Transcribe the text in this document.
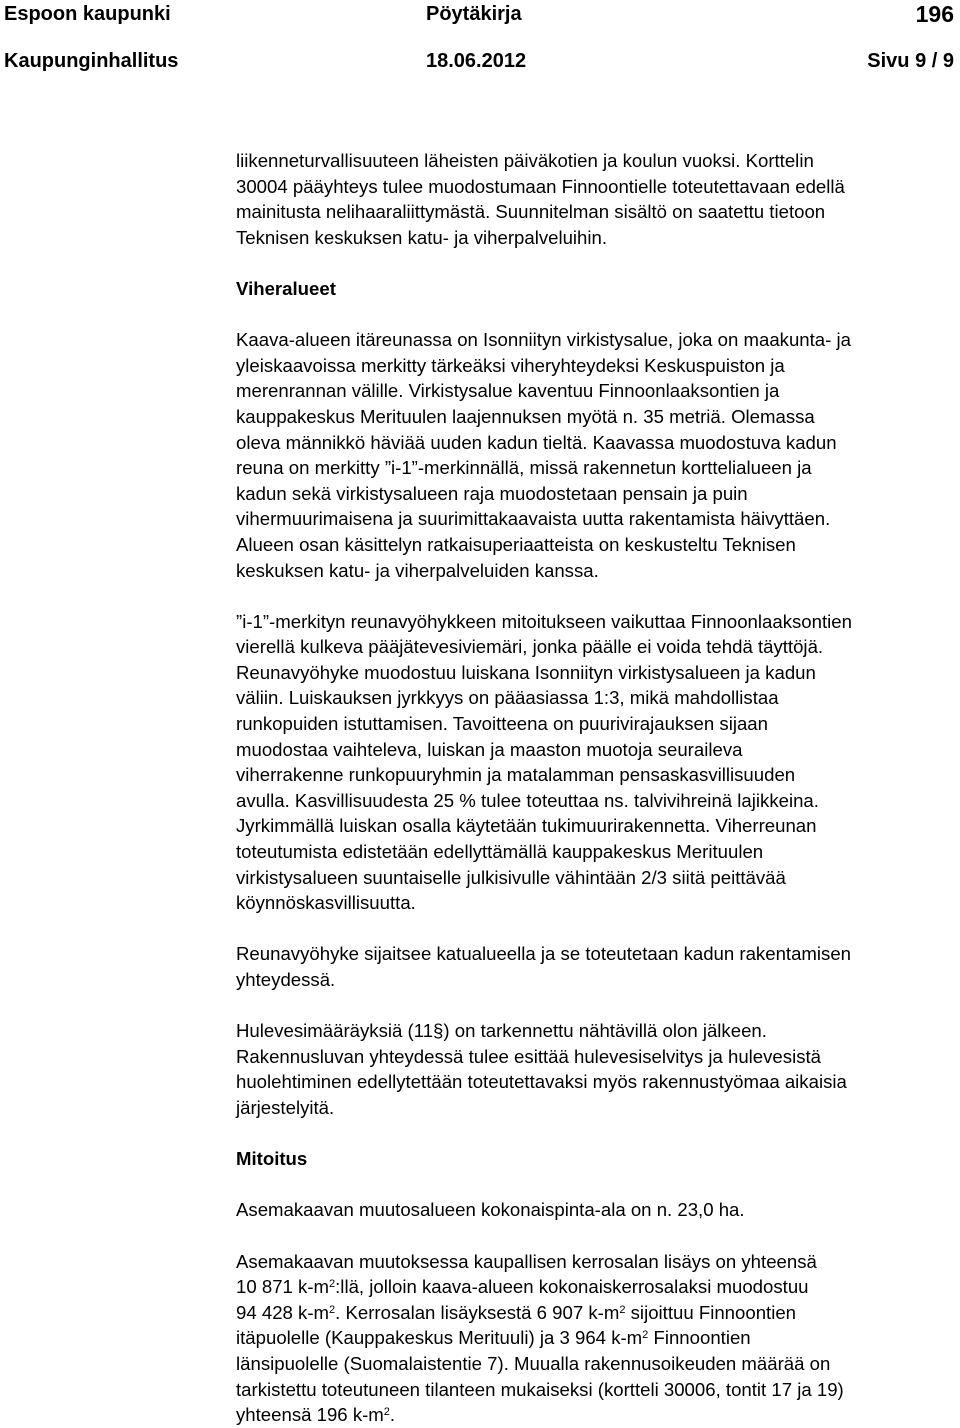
Espoon kaupunki	Pöytäkirja	196
Kaupunginhallitus	18.06.2012	Sivu 9 / 9

liikenneturvallisuuteen läheisten päiväkotien ja koulun vuoksi. Korttelin

30004 pääyhteys tulee muodostumaan Finnoontielle toteutettavaan edellä

mainitusta nelihaaraliittymästä. Suunnitelman sisältö on saatettu tietoon

Teknisen keskuksen katu- ja viherpalveluihin.

Viheralueet

Kaava-alueen itäreunassa on Isonniityn virkistysalue, joka on maakunta- ja

yleiskaavoissa merkitty tärkeäksi viheryhteydeksi Keskuspuiston ja

merenrannan välille. Virkistysalue kaventuu Finnoonlaaksontien ja

kauppakeskus Merituulen laajennuksen myötä n. 35 metriä. Olemassa

oleva männikkö häviää uuden kadun tieltä. Kaavassa muodostuva kadun

reuna on merkitty ”i-1”-merkinnällä, missä rakennetun korttelialueen ja

kadun sekä virkistysalueen raja muodostetaan pensain ja puin

vihermuurimaisena ja suurimittakaavaista uutta rakentamista häivyttäen.

Alueen osan käsittelyn ratkaisuperiaatteista on keskusteltu Teknisen

keskuksen katu- ja viherpalveluiden kanssa.

”i-1”-merkityn reunavyöhykkeen mitoitukseen vaikuttaa Finnoonlaaksontien

vierellä kulkeva pääjätevesiviemäri, jonka päälle ei voida tehdä täyttöjä.

Reunavyöhyke muodostuu luiskana Isonniityn virkistysalueen ja kadun

väliin. Luiskauksen jyrkkyys on pääasiassa 1:3, mikä mahdollistaa

runkopuiden istuttamisen. Tavoitteena on puurivirajauksen sijaan

muodostaa vaihteleva, luiskan ja maaston muotoja seuraileva

viherrakenne runkopuuryhmin ja matalamman pensaskasvillisuuden

avulla. Kasvillisuudesta 25 % tulee toteuttaa ns. talvivihreinä lajikkeina.

Jyrkimmällä luiskan osalla käytetään tukimuurirakennetta. Viherreunan

toteutumista edistetään edellyttämällä kauppakeskus Merituulen

virkistysalueen suuntaiselle julkisivulle vähintään 2/3 siitä peittävää

köynnöskasvillisuutta.

Reunavyöhyke sijaitsee katualueella ja se toteutetaan kadun rakentamisen

yhteydessä.

Hulevesimääräyksiä (11§) on tarkennettu nähtävillä olon jälkeen.

Rakennusluvan yhteydessä tulee esittää hulevesiselvitys ja hulevesistä

huolehtiminen edellytettään toteutettavaksi myös rakennustyömaa aikaisia

järjestelyitä.

Mitoitus

Asemakaavan muutosalueen kokonaispinta-ala on n. 23,0 ha.

Asemakaavan muutoksessa kaupallisen kerrosalan lisäys on yhteensä

10 871 $k-m^2:llä$, jolloin kaava-alueen kokonaiskerrosalaksi muodostuu

94 428 $k-m^2$. Kerrosalan lisäyksestä 6 907 $k-m^2$ sijoittuu Finnoontien

itäpuolelle (Kauppakeskus Merituuli) ja 3 964 $k-m^2$ Finnoontien

länsipuolelle (Suomalaistentie 7). Muualla rakennusoikeuden määrää on

tarkistettu toteutuneen tilanteen mukaiseksi (kortteli 30006, tontit 17 ja 19)

yhteensä 196 $k-m^2$.
